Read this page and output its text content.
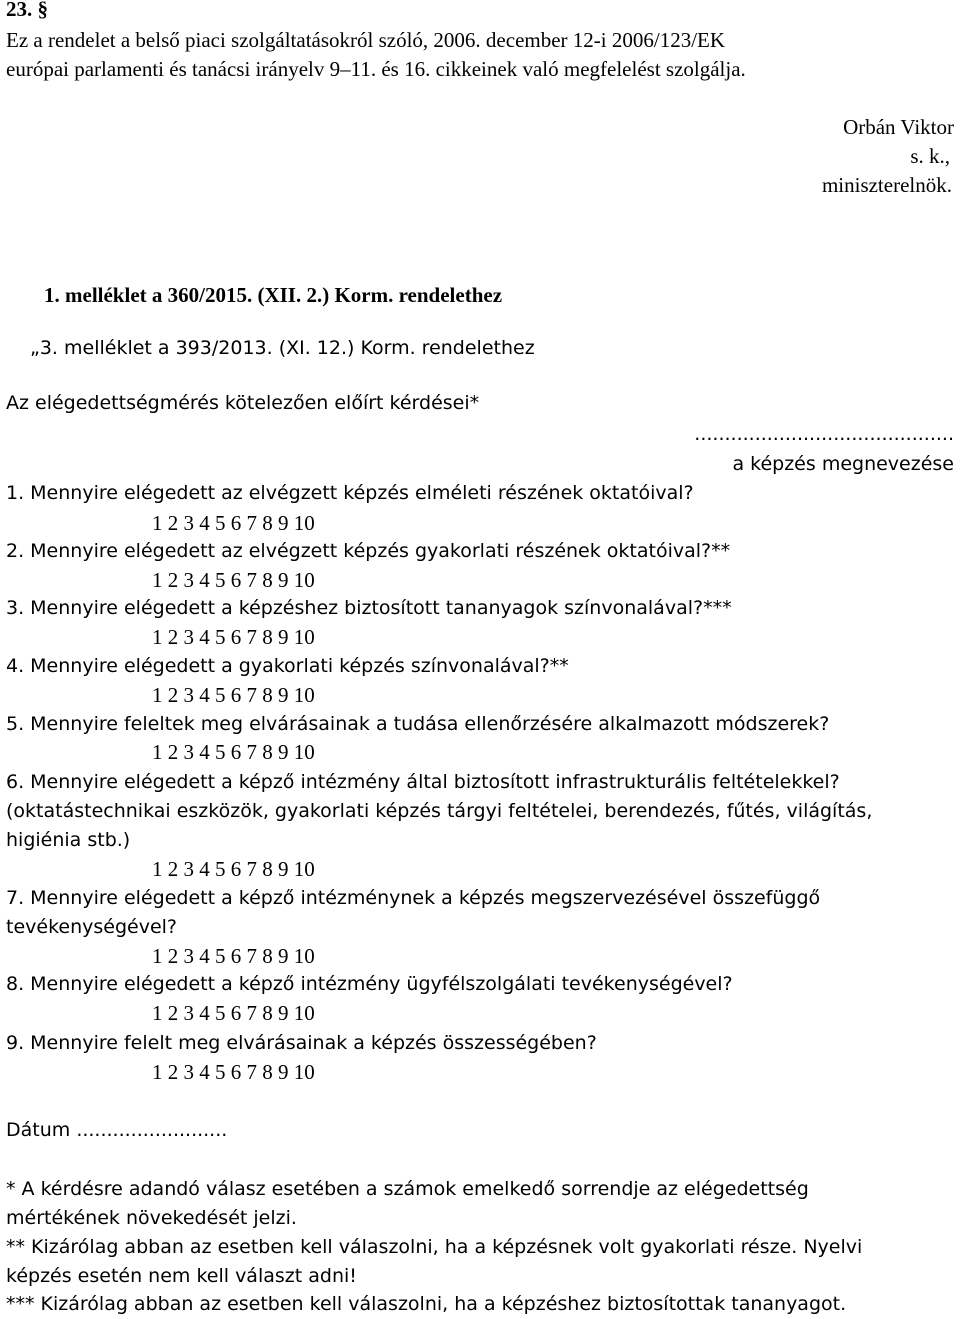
23. §
Ez a rendelet a belső piaci szolgáltatásokról szóló, 2006. december 12-i 2006/123/EK
európai parlamenti és tanácsi irányelv 9–11. és 16. cikkeinek való megfelelést szolgálja.
Orbán Viktor
s. k.,
miniszterelnök.
1. melléklet a 360/2015. (XII. 2.) Korm. rendelethez
„3. melléklet a 393/2013. (XI. 12.) Korm. rendelethez
Az elégedettségmérés kötelezően előírt kérdései*
...........................................
a képzés megnevezése
1. Mennyire elégedett az elvégzett képzés elméleti részének oktatóival?
1 2 3 4 5 6 7 8 9 10
2. Mennyire elégedett az elvégzett képzés gyakorlati részének oktatóival?**
1 2 3 4 5 6 7 8 9 10
3. Mennyire elégedett a képzéshez biztosított tananyagok színvonalával?***
1 2 3 4 5 6 7 8 9 10
4. Mennyire elégedett a gyakorlati képzés színvonalával?**
1 2 3 4 5 6 7 8 9 10
5. Mennyire feleltek meg elvárásainak a tudása ellenőrzésére alkalmazott módszerek?
1 2 3 4 5 6 7 8 9 10
6. Mennyire elégedett a képző intézmény által biztosított infrastrukturális feltételekkel?
(oktatástechnikai eszközök, gyakorlati képzés tárgyi feltételei, berendezés, fűtés, világítás,
higiénia stb.)
1 2 3 4 5 6 7 8 9 10
7. Mennyire elégedett a képző intézménynek a képzés megszervezésével összefüggő
tevékenységével?
1 2 3 4 5 6 7 8 9 10
8. Mennyire elégedett a képző intézmény ügyfélszolgálati tevékenységével?
1 2 3 4 5 6 7 8 9 10
9. Mennyire felelt meg elvárásainak a képzés összességében?
1 2 3 4 5 6 7 8 9 10
Dátum .........................
* A kérdésre adandó válasz esetében a számok emelkedő sorrendje az elégedettség
mértékének növekedését jelzi.
** Kizárólag abban az esetben kell válaszolni, ha a képzésnek volt gyakorlati része. Nyelvi
képzés esetén nem kell választ adni!
*** Kizárólag abban az esetben kell válaszolni, ha a képzéshez biztosítottak tananyagot.
